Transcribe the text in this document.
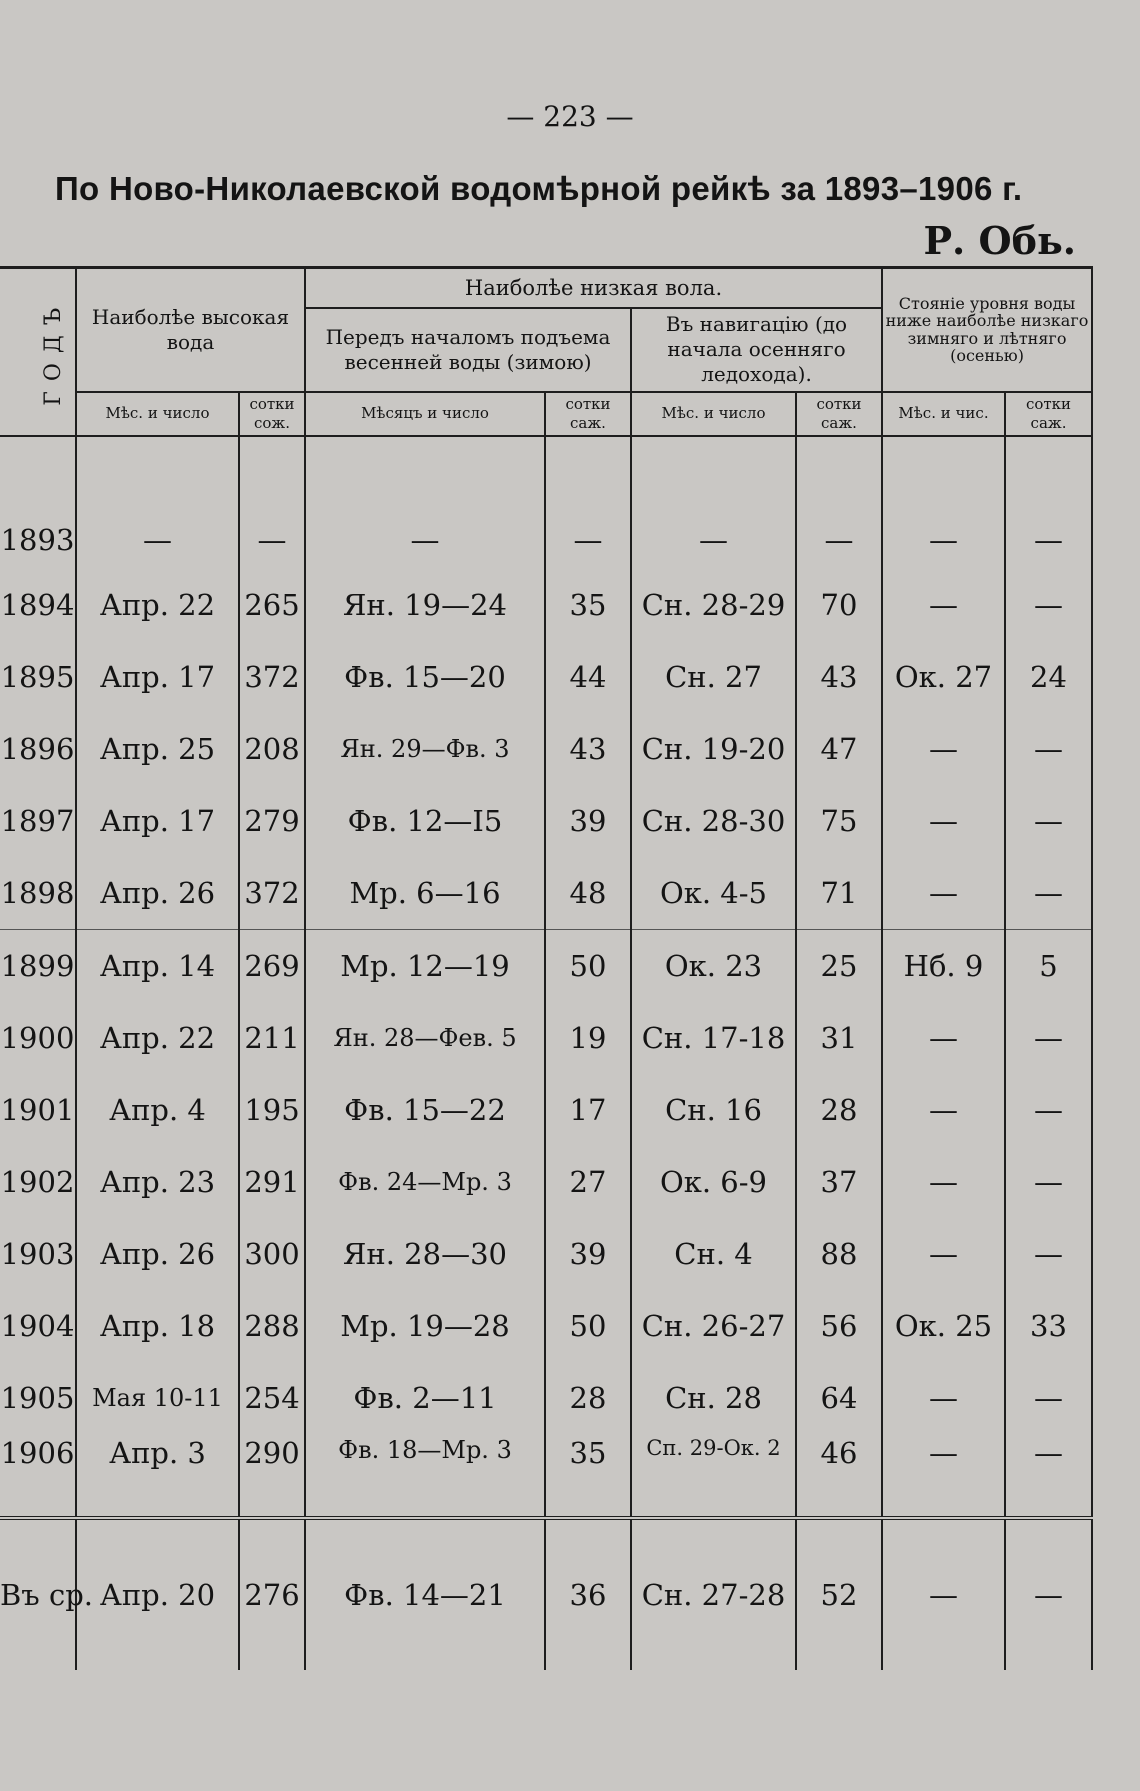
— 223 —
По Ново-Николаевской водомѣрной рейкѣ за 1893–1906 г.
Р. Обь.
ГОДЪ	Наиболѣе высокая вода		Наиболѣе низкая вола.				Стояніе уровня воды ниже наиболѣе низкаго зимняго и лѣтняго (осенью)	
			Передъ началомъ подъема весенней воды (зимою)		Въ навигацію (до начала осенняго ледохода).			
	Мѣс. и число	сотки сож.	Мѣсяцъ и число	сотки саж.	Мѣс. и число	сотки саж.	Мѣс. и чис.	сотки саж.
1893	—	—	—	—	—	—	—	—
1894	Апр. 22	265	Ян. 19—24	35	Сн. 28-29	70	—	—
1895	Апр. 17	372	Фв. 15—20	44	Сн. 27	43	Ок. 27	24
1896	Апр. 25	208	Ян. 29—Фв. 3	43	Сн. 19-20	47	—	—
1897	Апр. 17	279	Фв. 12—I5	39	Сн. 28-30	75	—	—
1898	Апр. 26	372	Мр. 6—16	48	Ок. 4-5	71	—	—
1899	Апр. 14	269	Мр. 12—19	50	Ок. 23	25	Нб. 9	5
1900	Апр. 22	211	Ян. 28—Фев. 5	19	Сн. 17-18	31	—	—
1901	Апр. 4	195	Фв. 15—22	17	Сн. 16	28	—	—
1902	Апр. 23	291	Фв. 24—Мр. 3	27	Ок. 6-9	37	—	—
1903	Апр. 26	300	Ян. 28—30	39	Сн. 4	88	—	—
1904	Апр. 18	288	Мр. 19—28	50	Сн. 26-27	56	Ок. 25	33
1905	Мая 10-11	254	Фв. 2—11	28	Сн. 28	64	—	—
1906	Апр. 3	290	Фв. 18—Мр. 3	35	Сп. 29-Ок. 2	46	—	—
Въ ср.	Апр. 20	276	Фв. 14—21	36	Сн. 27-28	52	—	—
